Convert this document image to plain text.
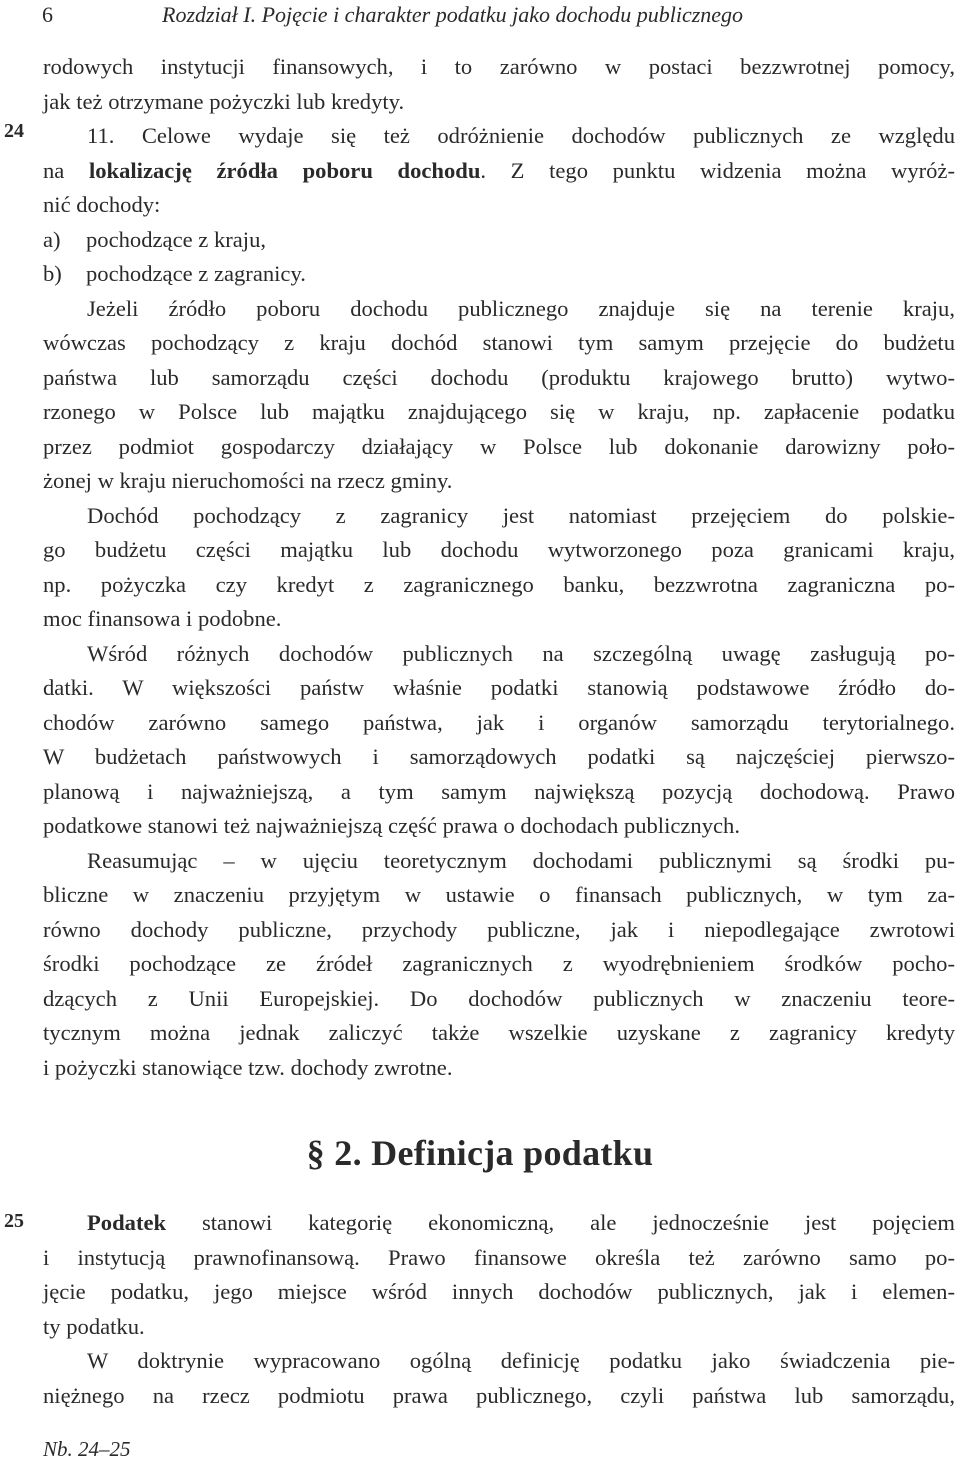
6	Rozdział I. Pojęcie i charakter podatku jako dochodu publicznego
24
rodowych instytucji finansowych, i to zarówno w postaci bezzwrotnej pomocy,
jak też otrzymane pożyczki lub kredyty.
11. Celowe wydaje się też odróżnienie dochodów publicznych ze względu
na lokalizację źródła poboru dochodu. Z tego punktu widzenia można wyróż-
nić dochody:
a) pochodzące z kraju,
b) pochodzące z zagranicy.
Jeżeli źródło poboru dochodu publicznego znajduje się na terenie kraju,
wówczas pochodzący z kraju dochód stanowi tym samym przejęcie do budżetu
państwa lub samorządu części dochodu (produktu krajowego brutto) wytwo-
rzonego w Polsce lub majątku znajdującego się w kraju, np. zapłacenie podatku
przez podmiot gospodarczy działający w Polsce lub dokonanie darowizny poło-
żonej w kraju nieruchomości na rzecz gminy.
Dochód pochodzący z zagranicy jest natomiast przejęciem do polskie-
go budżetu części majątku lub dochodu wytworzonego poza granicami kraju,
np. pożyczka czy kredyt z zagranicznego banku, bezzwrotna zagraniczna po-
moc finansowa i podobne.
Wśród różnych dochodów publicznych na szczególną uwagę zasługują po-
datki. W większości państw właśnie podatki stanowią podstawowe źródło do-
chodów zarówno samego państwa, jak i organów samorządu terytorialnego.
W budżetach państwowych i samorządowych podatki są najczęściej pierwszo-
planową i najważniejszą, a tym samym największą pozycją dochodową. Prawo
podatkowe stanowi też najważniejszą część prawa o dochodach publicznych.
Reasumując – w ujęciu teoretycznym dochodami publicznymi są środki pu-
bliczne w znaczeniu przyjętym w ustawie o finansach publicznych, w tym za-
równo dochody publiczne, przychody publiczne, jak i niepodlegające zwrotowi
środki pochodzące ze źródeł zagranicznych z wyodrębnieniem środków pocho-
dzących z Unii Europejskiej. Do dochodów publicznych w znaczeniu teore-
tycznym można jednak zaliczyć także wszelkie uzyskane z zagranicy kredyty
i pożyczki stanowiące tzw. dochody zwrotne.
§ 2. Definicja podatku
25	Podatek stanowi kategorię ekonomiczną, ale jednocześnie jest pojęciem
i instytucją prawnofinansową. Prawo finansowe określa też zarówno samo po-
jęcie podatku, jego miejsce wśród innych dochodów publicznych, jak i elemen-
ty podatku.
W doktrynie wypracowano ogólną definicję podatku jako świadczenia pie-
niężnego na rzecz podmiotu prawa publicznego, czyli państwa lub samorządu,
Nb. 24–25
